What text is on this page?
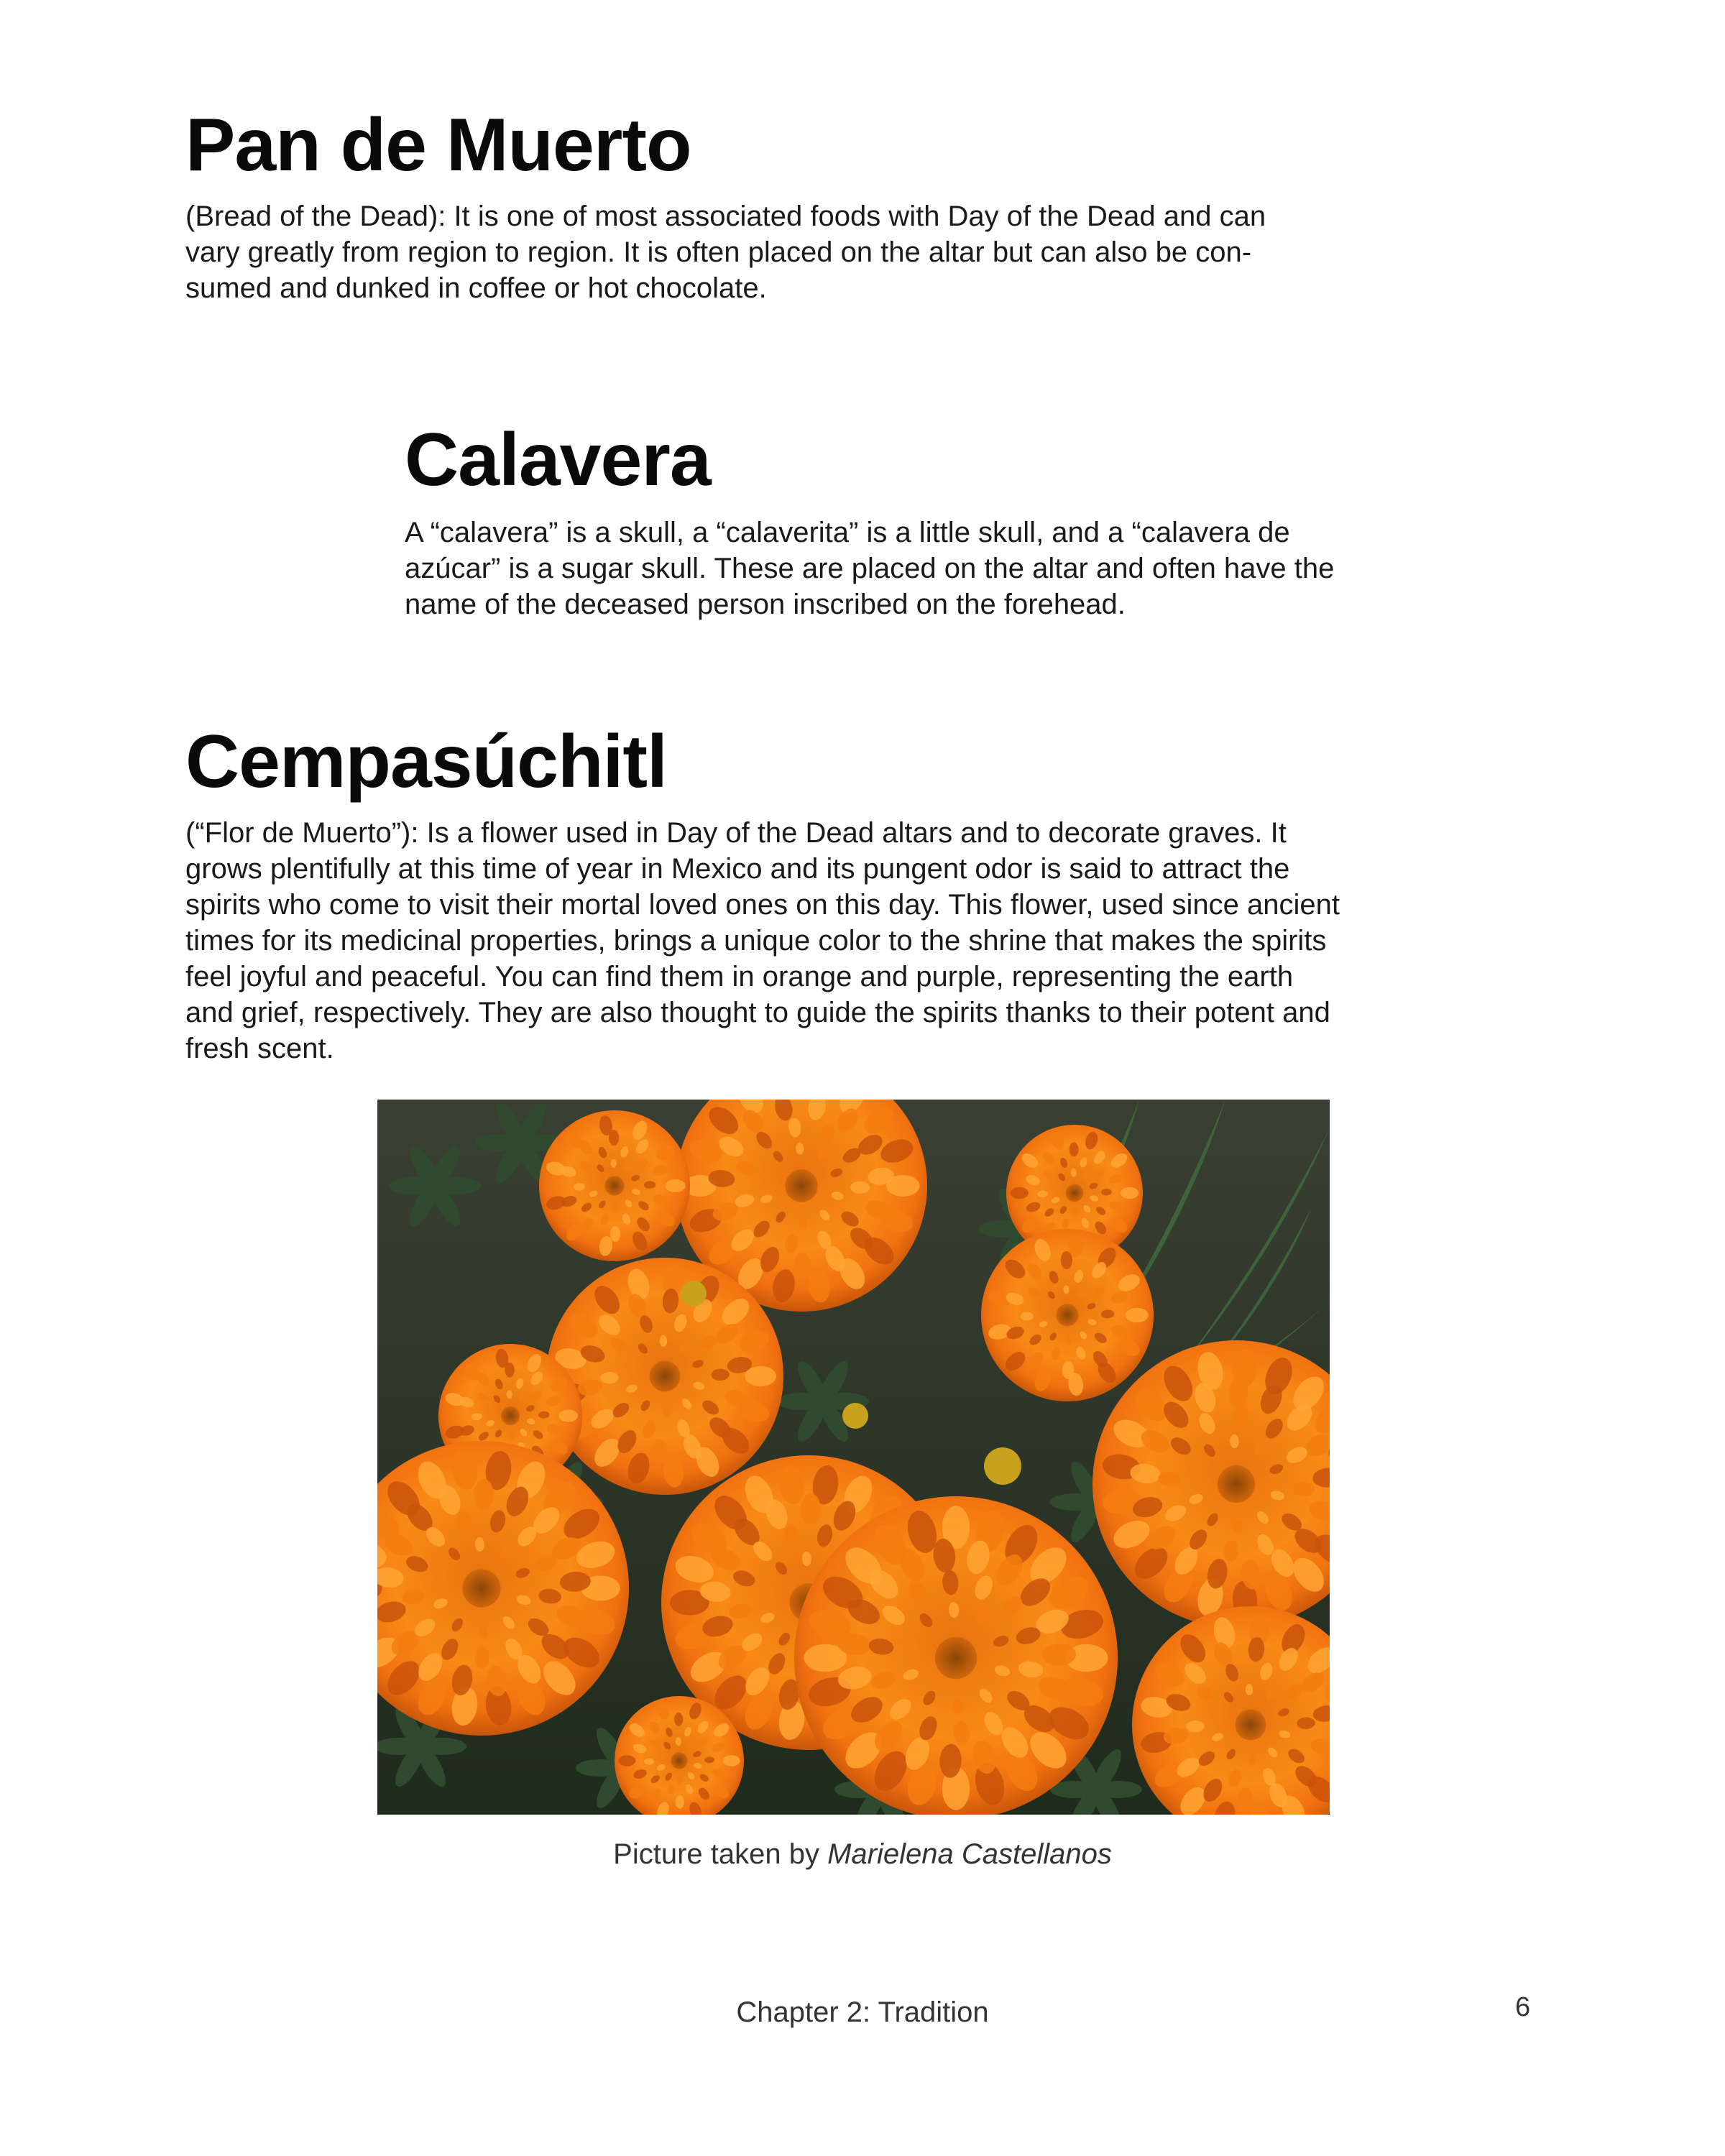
Pan de Muerto

(Bread of the Dead): It is one of most associated foods with Day of the Dead and can
vary greatly from region to region. It is often placed on the altar but can also be con-
sumed and dunked in coffee or hot chocolate.

Calavera

A “calavera” is a skull, a “calaverita” is a little skull, and a “calavera de
azúcar” is a sugar skull. These are placed on the altar and often have the
name of the deceased person inscribed on the forehead.

Cempasúchitl

(“Flor de Muerto”): Is a flower used in Day of the Dead altars and to decorate graves. It
grows plentifully at this time of year in Mexico and its pungent odor is said to attract the
spirits who come to visit their mortal loved ones on this day. This flower, used since ancient
times for its medicinal properties, brings a unique color to the shrine that makes the spirits
feel joyful and peaceful. You can find them in orange and purple, representing the earth
and grief, respectively. They are also thought to guide the spirits thanks to their potent and
fresh scent.

Picture taken by Marielena Castellanos
Chapter 2: Tradition	6
